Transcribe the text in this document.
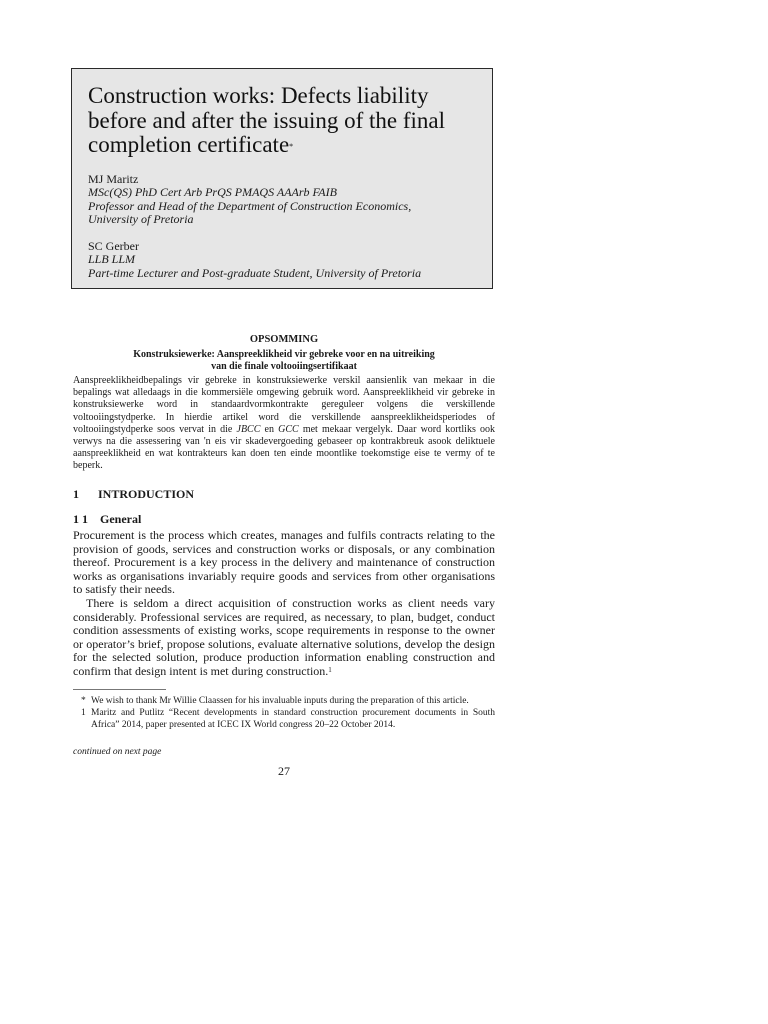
Construction works: Defects liability before and after the issuing of the final completion certificate*
MJ Maritz
MSc(QS) PhD Cert Arb PrQS PMAQS AAArb FAIB
Professor and Head of the Department of Construction Economics,
University of Pretoria
SC Gerber
LLB LLM
Part-time Lecturer and Post-graduate Student, University of Pretoria
OPSOMMING
Konstruksiewerke: Aanspreeklikheid vir gebreke voor en na uitreiking
van die finale voltooiingsertifikaat
Aanspreeklikheidbepalings vir gebreke in konstruksiewerke verskil aansienlik van mekaar in die bepalings wat alledaags in die kommersiële omgewing gebruik word. Aanspreeklikheid vir gebreke in konstruksiewerke word in standaardvormkontrakte gereguleer volgens die verskillende voltooiingstydperke. In hierdie artikel word die verskillende aanspreeklikheidsperiodes of voltooiingstydperke soos vervat in die JBCC en GCC met mekaar vergelyk. Daar word kortliks ook verwys na die assessering van 'n eis vir skadevergoeding gebaseer op kontrakbreuk asook deliktuele aanspreeklikheid en wat kontrakteurs kan doen ten einde moontlike toekomstige eise te vermy of te beperk.
1 INTRODUCTION
1 1 General

Procurement is the process which creates, manages and fulfils contracts relating to the provision of goods, services and construction works or disposals, or any combination thereof. Procurement is a key process in the delivery and maintenance of construction works as organisations invariably require goods and services from other organisations to satisfy their needs.

There is seldom a direct acquisition of construction works as client needs vary considerably. Professional services are required, as necessary, to plan, budget, conduct condition assessments of existing works, scope requirements in response to the owner or operator’s brief, propose solutions, evaluate alternative solutions, develop the design for the selected solution, produce production information enabling construction and confirm that design intent is met during construction.$^1$

* We wish to thank Mr Willie Claassen for his invaluable inputs during the preparation of this article.
1 Maritz and Putlitz “Recent developments in standard construction procurement documents in South Africa” 2014, paper presented at ICEC IX World congress 20–22 October 2014.
continued on next page
27
